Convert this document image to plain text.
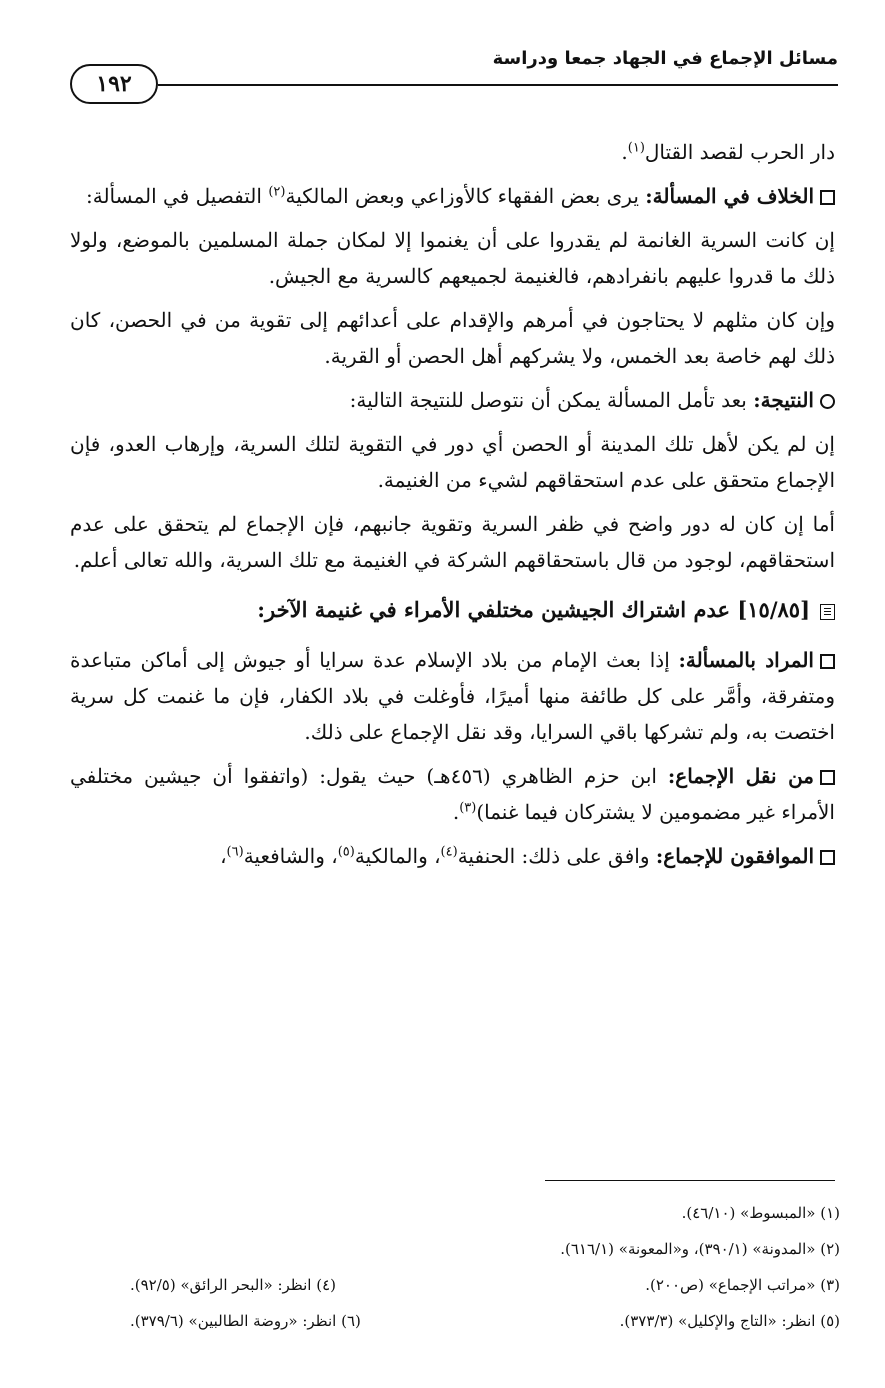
مسائل الإجماع في الجهاد جمعا ودراسة
١٩٢

دار الحرب لقصد القتال$^{(١)}$.

الخلاف في المسألة: يرى بعض الفقهاء كالأوزاعي وبعض المالكية$^{(٢)}$ التفصيل في المسألة:

إن كانت السرية الغانمة لم يقدروا على أن يغنموا إلا لمكان جملة المسلمين بالموضع، ولولا ذلك ما قدروا عليهم بانفرادهم، فالغنيمة لجميعهم كالسرية مع الجيش.

وإن كان مثلهم لا يحتاجون في أمرهم والإقدام على أعدائهم إلى تقوية من في الحصن، كان ذلك لهم خاصة بعد الخمس، ولا يشركهم أهل الحصن أو القرية.

النتيجة: بعد تأمل المسألة يمكن أن نتوصل للنتيجة التالية:

إن لم يكن لأهل تلك المدينة أو الحصن أي دور في التقوية لتلك السرية، وإرهاب العدو، فإن الإجماع متحقق على عدم استحقاقهم لشيء من الغنيمة.

أما إن كان له دور واضح في ظفر السرية وتقوية جانبهم، فإن الإجماع لم يتحقق على عدم استحقاقهم، لوجود من قال باستحقاقهم الشركة في الغنيمة مع تلك السرية، والله تعالى أعلم.

[١٥/٨٥] عدم اشتراك الجيشين مختلفي الأمراء في غنيمة الآخر:

المراد بالمسألة: إذا بعث الإمام من بلاد الإسلام عدة سرايا أو جيوش إلى أماكن متباعدة ومتفرقة، وأمَّر على كل طائفة منها أميرًا، فأوغلت في بلاد الكفار، فإن ما غنمت كل سرية اختصت به، ولم تشركها باقي السرايا، وقد نقل الإجماع على ذلك.

من نقل الإجماع: ابن حزم الظاهري (٤٥٦هـ) حيث يقول: (واتفقوا أن جيشين مختلفي الأمراء غير مضمومين لا يشتركان فيما غنما)$^{(٣)}$.

الموافقون للإجماع: وافق على ذلك: الحنفية$^{(٤)}$، والمالكية$^{(٥)}$، والشافعية$^{(٦)}$،

(١) «المبسوط» (٤٦/١٠).
(٢) «المدونة» (٣٩٠/١)، و«المعونة» (٦١٦/١).
(٣) «مراتب الإجماع» (ص٢٠٠).
(٤) انظر: «البحر الرائق» (٩٢/٥).
(٥) انظر: «التاج والإكليل» (٣٧٣/٣).
(٦) انظر: «روضة الطالبين» (٣٧٩/٦).
